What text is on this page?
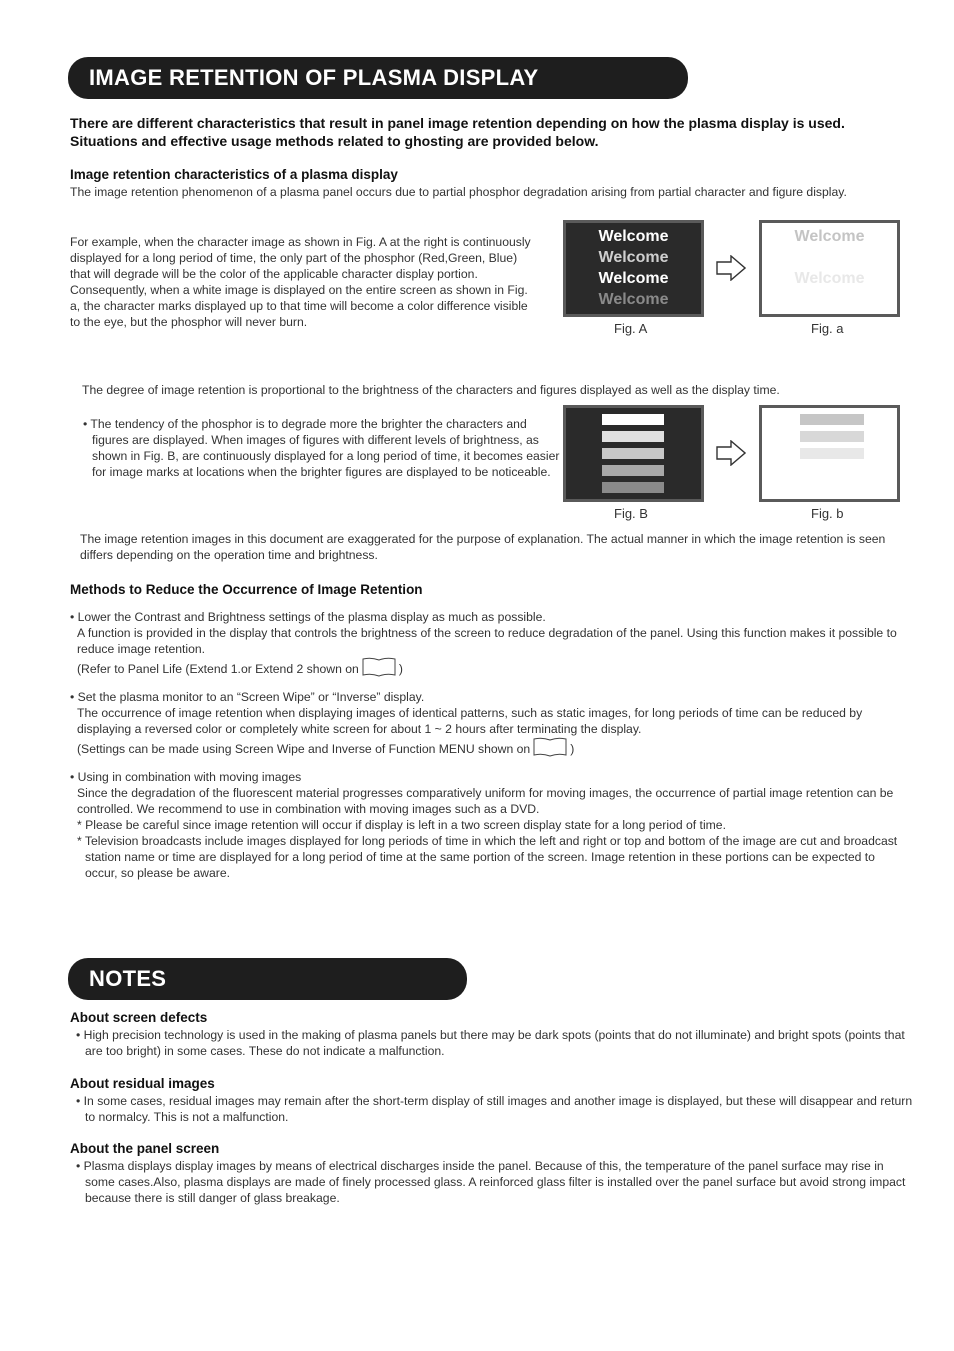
IMAGE RETENTION OF PLASMA DISPLAY
There are different characteristics that result in panel image retention depending on how the plasma display is used. Situations and effective usage methods related to ghosting are provided below.
Image retention characteristics of a plasma display
The image retention phenomenon of a plasma panel occurs due to partial phosphor degradation arising from partial character and figure display.
For example, when the character image as shown in Fig. A at the right is continuously displayed for a long period of time, the only part of the phosphor (Red,Green, Blue) that will degrade will be the color of the applicable character display portion. Consequently, when a white image is displayed on the entire screen as shown in Fig. a, the character marks displayed up to that time will become a color difference visible to the eye, but the phosphor will never burn.
Welcome
Welcome
Welcome
Welcome
Welcome
Welcome
Fig. A	Fig. a
The degree of image retention is proportional to the brightness of the characters and figures displayed as well as the display time.
• The tendency of the phosphor is to degrade more the brighter the characters and figures are displayed. When images of figures with different levels of brightness, as shown in Fig. B, are continuously displayed for a long period of time, it becomes easier for image marks at locations when the brighter figures are displayed to be noticeable.
Fig. B	Fig. b
The image retention images in this document are exaggerated for the purpose of explanation. The actual manner in which the image retention is seen differs depending on the operation time and brightness.
Methods to Reduce the Occurrence of Image Retention
• Lower the Contrast and Brightness settings of the plasma display as much as possible.
A function is provided in the display that controls the brightness of the screen to reduce degradation of the panel. Using this function makes it possible to reduce image retention.
(Refer to Panel Life (Extend 1.or Extend 2 shown on	)
• Set the plasma monitor to an “Screen Wipe” or “Inverse” display.
The occurrence of image retention when displaying images of identical patterns, such as static images, for long periods of time can be reduced by displaying a reversed color or completely white screen for about 1 ~ 2 hours after terminating the display.
(Settings can be made using Screen Wipe and Inverse of Function MENU shown on	)
• Using in combination with moving images
Since the degradation of the fluorescent material progresses comparatively uniform for moving images, the occurrence of partial image retention can be controlled. We recommend to use in combination with moving images such as a DVD.
* Please be careful since image retention will occur if display is left in a two screen display state for a long period of time.
* Television broadcasts include images displayed for long periods of time in which the left and right or top and bottom of the image are cut and broadcast station name or time are displayed for a long period of time at the same portion of the screen. Image retention in these portions can be expected to occur, so please be aware.
NOTES
About screen defects
• High precision technology is used in the making of plasma panels but there may be dark spots (points that do not illuminate) and bright spots (points that are too bright) in some cases. These do not indicate a malfunction.
About residual images
• In some cases, residual images may remain after the short-term display of still images and another image is displayed, but these will disappear and return to normalcy. This is not a malfunction.
About the panel screen
• Plasma displays display images by means of electrical discharges inside the panel. Because of this, the temperature of the panel surface may rise in some cases.Also, plasma displays are made of finely processed glass. A reinforced glass filter is installed over the panel surface but avoid strong impact because there is still danger of glass breakage.
